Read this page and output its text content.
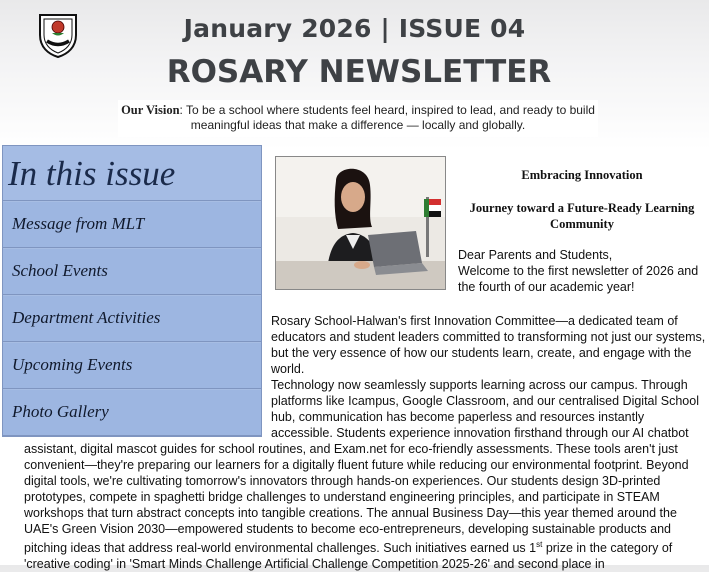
January 2026 | ISSUE 04
ROSARY NEWSLETTER
Our Vision: To be a school where students feel heard, inspired to lead, and ready to build meaningful ideas that make a difference — locally and globally.
In this issue
Message from MLT
School Events
Department Activities
Upcoming Events
Photo Gallery
Embracing Innovation
Journey toward a Future-Ready Learning Community
Dear Parents and Students,
Welcome to the first newsletter of 2026 and the fourth of our academic year!
Rosary School-Halwan's first Innovation Committee—a dedicated team of educators and student leaders committed to transforming not just our systems, but the very essence of how our students learn, create, and engage with the world.
Technology now seamlessly supports learning across our campus. Through platforms like Icampus, Google Classroom, and our centralised Digital School hub, communication has become paperless and resources instantly accessible. Students experience innovation firsthand through our AI chatbot
assistant, digital mascot guides for school routines, and Exam.net for eco-friendly assessments. These tools aren't just convenient—they're preparing our learners for a digitally fluent future while reducing our environmental footprint. Beyond digital tools, we're cultivating tomorrow's innovators through hands-on experiences. Our students design 3D-printed prototypes, compete in spaghetti bridge challenges to understand engineering principles, and participate in STEAM workshops that turn abstract concepts into tangible creations. The annual Business Day—this year themed around the UAE's Green Vision 2030—empowered students to become eco-entrepreneurs, developing sustainable products and pitching ideas that address real-world environmental challenges. Such initiatives earned us 1st prize in the category of 'creative coding' in 'Smart Minds Challenge Artificial Challenge Competition 2025-26' and second place in
